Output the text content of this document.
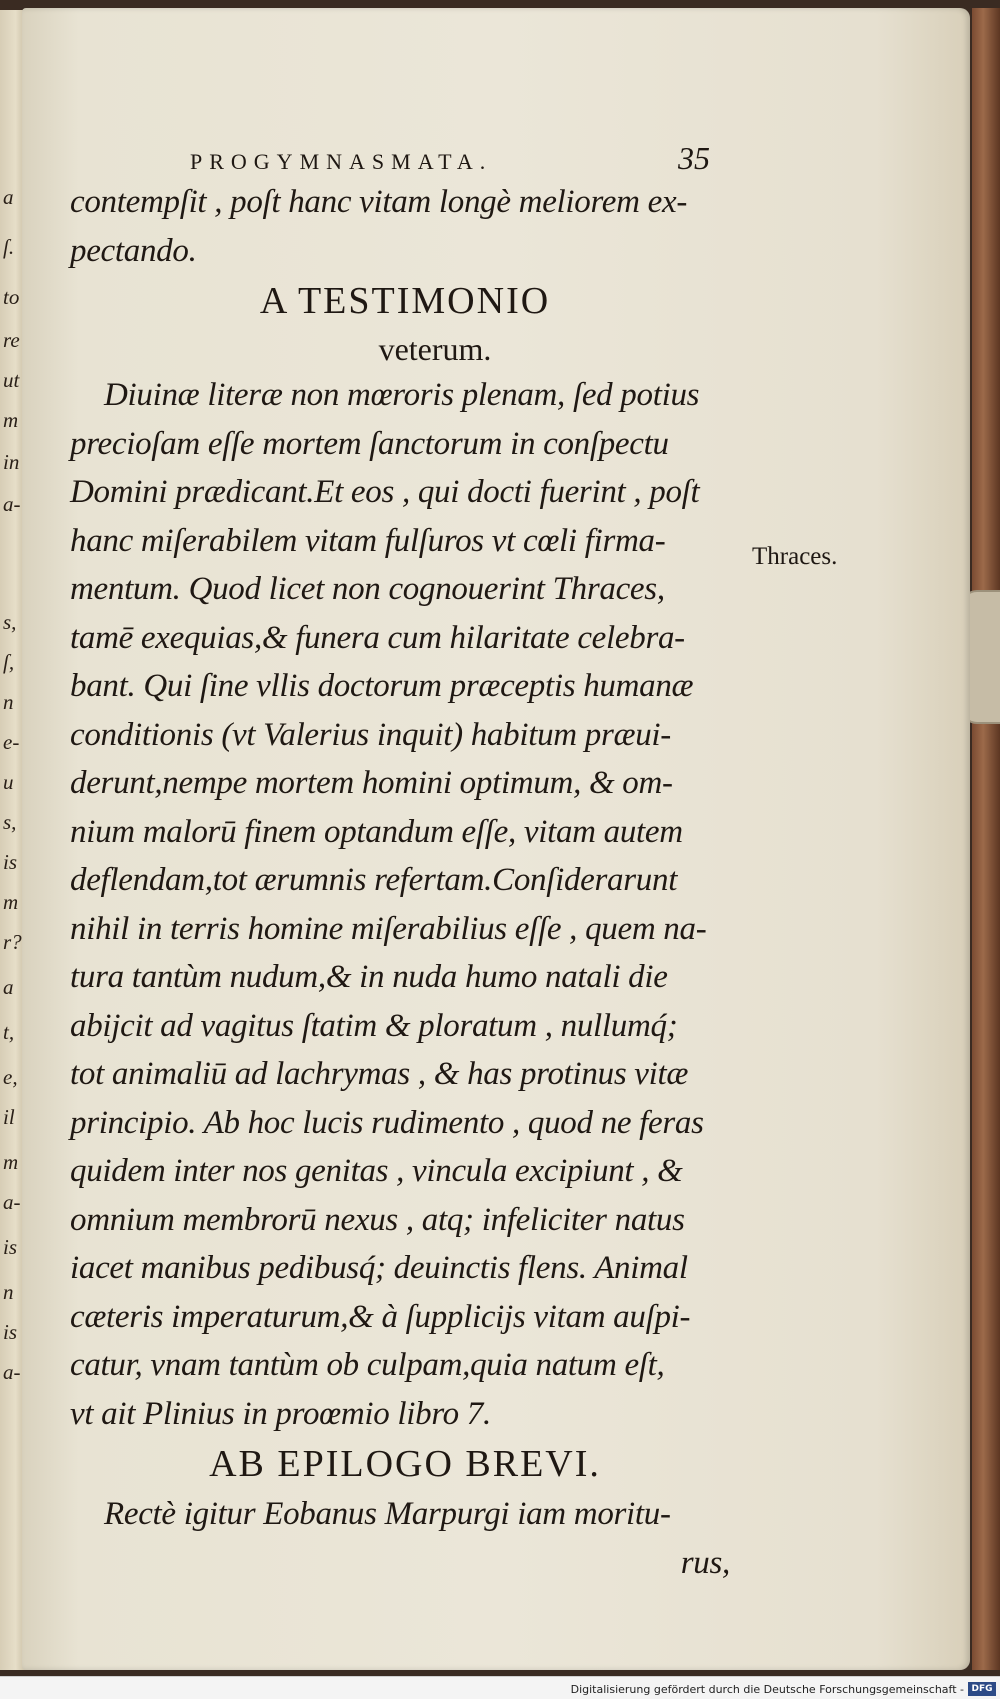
a
ſ.
to
re
ut
m
in
a-
s,
ſ,
n
e-
u
s,
is
m
r?
a
t,
e,
il
m
a-
is
n
is
a-
PROGYMNASMATA.	35
contempſit , poſt hanc vitam longè meliorem ex-
pectando.
A TESTIMONIO
veterum.
Diuinæ literæ non mœroris plenam, ſed potius
precioſam eſſe mortem ſanctorum in conſpectu
Domini prædicant.Et eos , qui docti fuerint , poſt
hanc miſerabilem vitam fulſuros vt cœli firma-
mentum. Quod licet non cognouerint Thraces,
tamē exequias,& funera cum hilaritate celebra-
bant. Qui ſine vllis doctorum præceptis humanæ
conditionis (vt Valerius inquit) habitum præui-
derunt,nempe mortem homini optimum, & om-
nium malorū finem optandum eſſe, vitam autem
deflendam,tot ærumnis refertam.Conſiderarunt
nihil in terris homine miſerabilius eſſe , quem na-
tura tantùm nudum,& in nuda humo natali die
abijcit ad vagitus ſtatim & ploratum , nullumq́;
tot animaliū ad lachrymas , & has protinus vitæ
principio. Ab hoc lucis rudimento , quod ne feras
quidem inter nos genitas , vincula excipiunt , &
omnium membrorū nexus , atq; infeliciter natus
iacet manibus pedibusq́; deuinctis flens. Animal
cæteris imperaturum,& à ſupplicijs vitam auſpi-
catur, vnam tantùm ob culpam,quia natum eſt,
vt ait Plinius in proœmio libro 7.
AB EPILOGO BREVI.
Rectè igitur Eobanus Marpurgi iam moritu-
rus,
Thraces.
Digitalisierung gefördert durch die Deutsche Forschungsgemeinschaft - DFG
